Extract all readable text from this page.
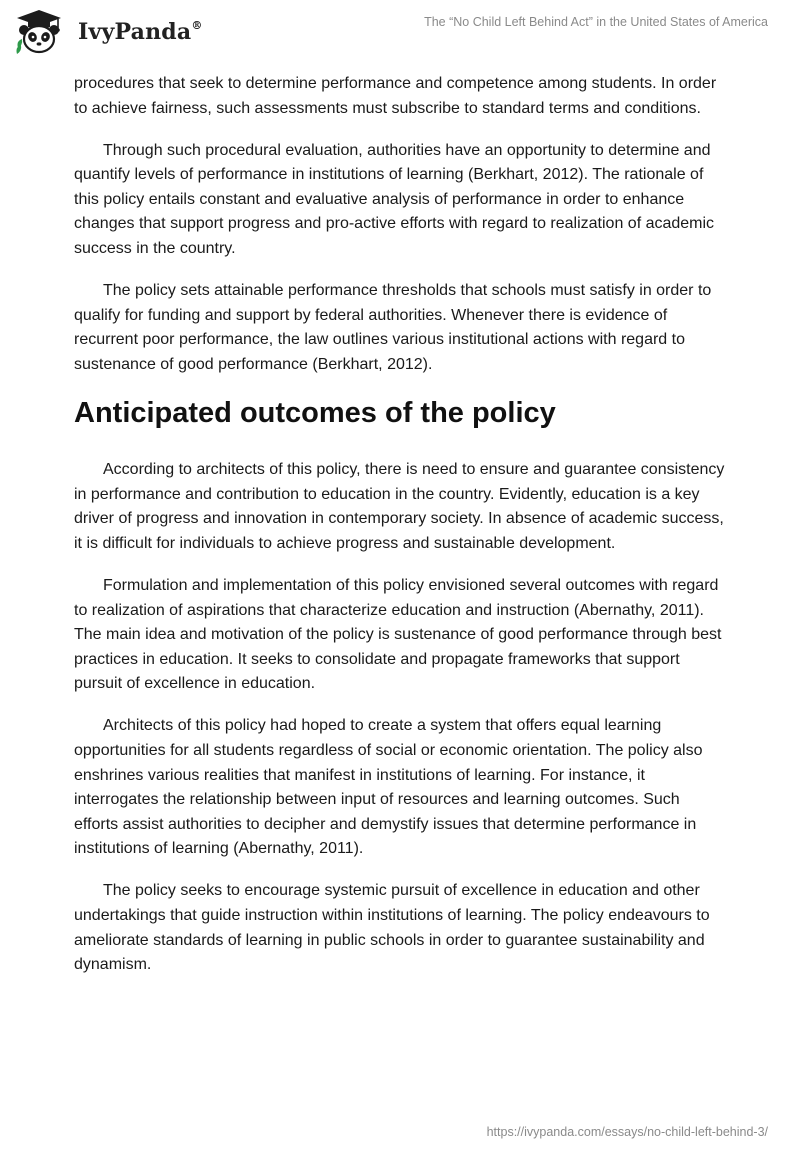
IvyPanda®	The “No Child Left Behind Act” in the United States of America

procedures that seek to determine performance and competence among students. In order to achieve fairness, such assessments must subscribe to standard terms and conditions.

Through such procedural evaluation, authorities have an opportunity to determine and quantify levels of performance in institutions of learning (Berkhart, 2012). The rationale of this policy entails constant and evaluative analysis of performance in order to enhance changes that support progress and pro-active efforts with regard to realization of academic success in the country.

The policy sets attainable performance thresholds that schools must satisfy in order to qualify for funding and support by federal authorities. Whenever there is evidence of recurrent poor performance, the law outlines various institutional actions with regard to sustenance of good performance (Berkhart, 2012).

Anticipated outcomes of the policy

According to architects of this policy, there is need to ensure and guarantee consistency in performance and contribution to education in the country. Evidently, education is a key driver of progress and innovation in contemporary society. In absence of academic success, it is difficult for individuals to achieve progress and sustainable development.

Formulation and implementation of this policy envisioned several outcomes with regard to realization of aspirations that characterize education and instruction (Abernathy, 2011). The main idea and motivation of the policy is sustenance of good performance through best practices in education. It seeks to consolidate and propagate frameworks that support pursuit of excellence in education.

Architects of this policy had hoped to create a system that offers equal learning opportunities for all students regardless of social or economic orientation. The policy also enshrines various realities that manifest in institutions of learning. For instance, it interrogates the relationship between input of resources and learning outcomes. Such efforts assist authorities to decipher and demystify issues that determine performance in institutions of learning (Abernathy, 2011).

The policy seeks to encourage systemic pursuit of excellence in education and other undertakings that guide instruction within institutions of learning. The policy endeavours to ameliorate standards of learning in public schools in order to guarantee sustainability and dynamism.

https://ivypanda.com/essays/no-child-left-behind-3/
